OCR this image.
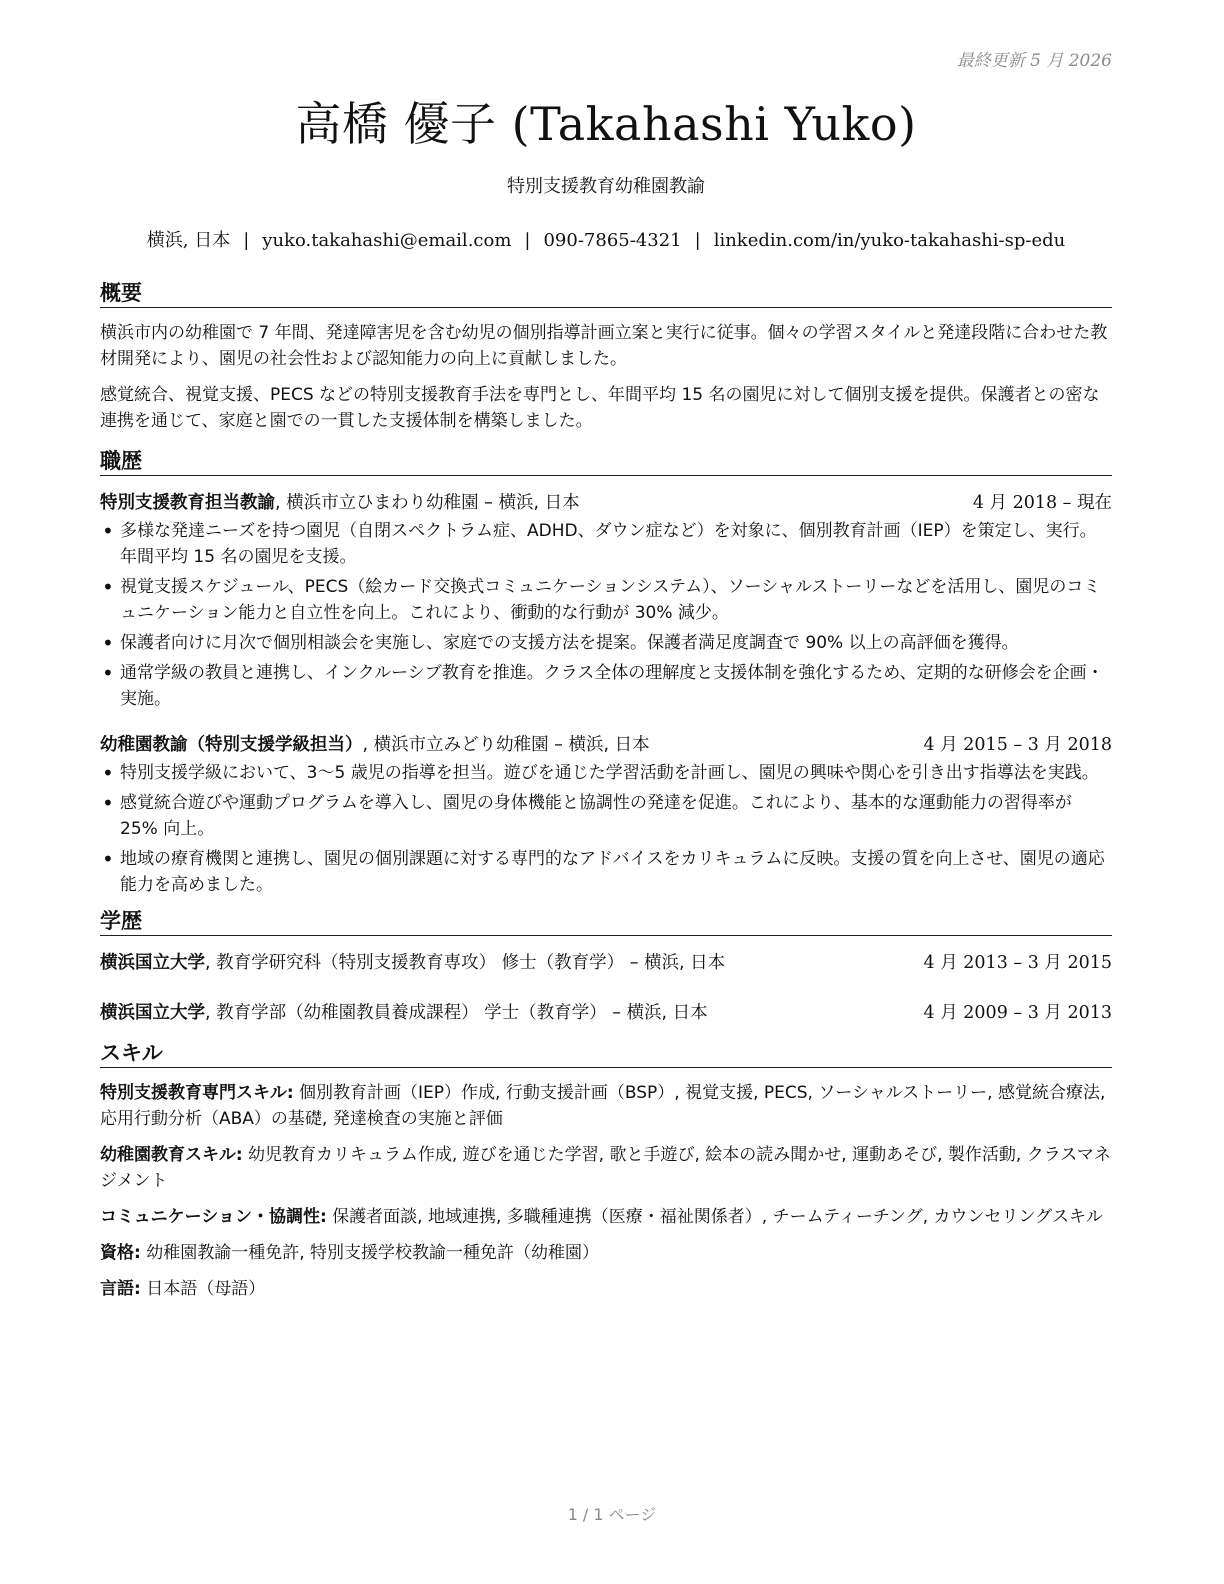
最終更新 5 月 2026
高橋 優子 (Takahashi Yuko)
特別支援教育幼稚園教諭
横浜, 日本 | yuko.takahashi@email.com | 090-7865-4321 | linkedin.com/in/yuko-takahashi-sp-edu
概要

横浜市内の幼稚園で 7 年間、発達障害児を含む幼児の個別指導計画立案と実行に従事。個々の学習スタイルと発達段階に合わせた教材開発により、園児の社会性および認知能力の向上に貢献しました。

感覚統合、視覚支援、PECS などの特別支援教育手法を専門とし、年間平均 15 名の園児に対して個別支援を提供。保護者との密な連携を通じて、家庭と園での一貫した支援体制を構築しました。

職歴
特別支援教育担当教諭, 横浜市立ひまわり幼稚園 – 横浜, 日本	4 月 2018 – 現在
• 多様な発達ニーズを持つ園児（自閉スペクトラム症、ADHD、ダウン症など）を対象に、個別教育計画（IEP）を策定し、実行。年間平均 15 名の園児を支援。
• 視覚支援スケジュール、PECS（絵カード交換式コミュニケーションシステム）、ソーシャルストーリーなどを活用し、園児のコミュニケーション能力と自立性を向上。これにより、衝動的な行動が 30% 減少。
• 保護者向けに月次で個別相談会を実施し、家庭での支援方法を提案。保護者満足度調査で 90% 以上の高評価を獲得。
• 通常学級の教員と連携し、インクルーシブ教育を推進。クラス全体の理解度と支援体制を強化するため、定期的な研修会を企画・実施。
幼稚園教諭（特別支援学級担当）, 横浜市立みどり幼稚園 – 横浜, 日本	4 月 2015 – 3 月 2018
• 特別支援学級において、3〜5 歳児の指導を担当。遊びを通じた学習活動を計画し、園児の興味や関心を引き出す指導法を実践。
• 感覚統合遊びや運動プログラムを導入し、園児の身体機能と協調性の発達を促進。これにより、基本的な運動能力の習得率が 25% 向上。
• 地域の療育機関と連携し、園児の個別課題に対する専門的なアドバイスをカリキュラムに反映。支援の質を向上させ、園児の適応能力を高めました。
学歴
横浜国立大学, 教育学研究科（特別支援教育専攻） 修士（教育学） – 横浜, 日本	4 月 2013 – 3 月 2015
横浜国立大学, 教育学部（幼稚園教員養成課程） 学士（教育学） – 横浜, 日本	4 月 2009 – 3 月 2013
スキル

特別支援教育専門スキル: 個別教育計画（IEP）作成, 行動支援計画（BSP）, 視覚支援, PECS, ソーシャルストーリー, 感覚統合療法, 応用行動分析（ABA）の基礎, 発達検査の実施と評価

幼稚園教育スキル: 幼児教育カリキュラム作成, 遊びを通じた学習, 歌と手遊び, 絵本の読み聞かせ, 運動あそび, 製作活動, クラスマネジメント

コミュニケーション・協調性: 保護者面談, 地域連携, 多職種連携（医療・福祉関係者）, チームティーチング, カウンセリングスキル

資格: 幼稚園教諭一種免許, 特別支援学校教諭一種免許（幼稚園）

言語: 日本語（母語）

1 / 1 ページ
